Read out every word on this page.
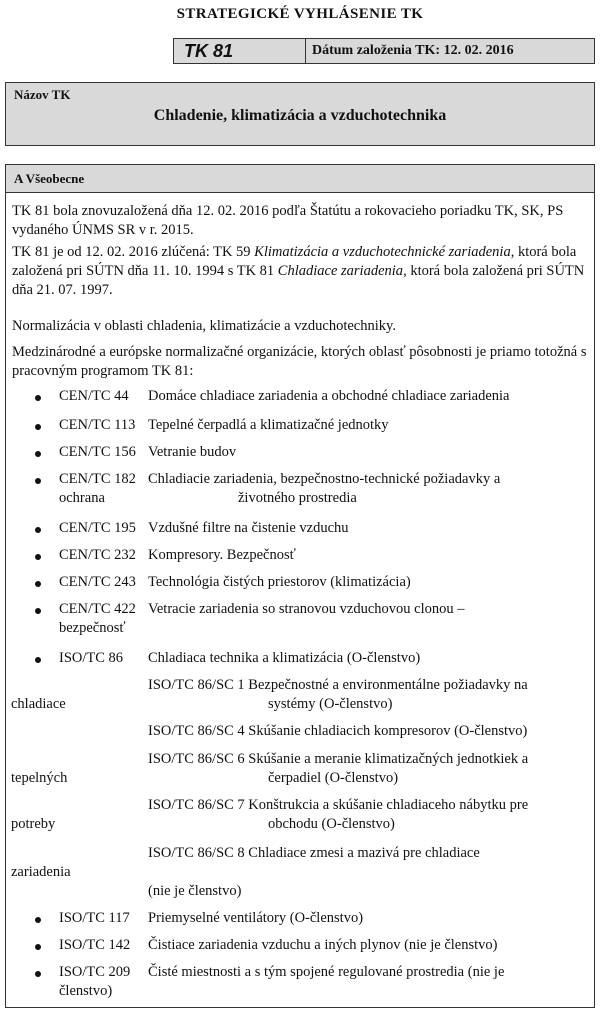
STRATEGICKÉ VYHLÁSENIE TK
TK 81	Dátum založenia TK: 12. 02. 2016
Názov TK
Chladenie, klimatizácia a vzduchotechnika
A Všeobecne
TK 81 bola znovuzaložená dňa 12. 02. 2016 podľa Štatútu a rokovacieho poriadku TK, SK, PS vydaného ÚNMS SR v r. 2015.
TK 81 je od 12. 02. 2016 zlúčená: TK 59 Klimatizácia a vzduchotechnické zariadenia, ktorá bola založená pri SÚTN dňa 11. 10. 1994 s TK 81 Chladiace zariadenia, ktorá bola založená pri SÚTN dňa 21. 07. 1997.
Normalizácia v oblasti chladenia, klimatizácie a vzduchotechniky.
Medzinárodné a európske normalizačné organizácie, ktorých oblasť pôsobnosti je priamo totožná s pracovným programom TK 81:
CEN/TC 44 Domáce chladiace zariadenia a obchodné chladiace zariadenia
CEN/TC 113 Tepelné čerpadlá a klimatizačné jednotky
CEN/TC 156 Vetranie budov
CEN/TC 182 Chladiacie zariadenia, bezpečnostno-technické požiadavky a
ochrana	životného prostredia
CEN/TC 195 Vzdušné filtre na čistenie vzduchu
CEN/TC 232 Kompresory. Bezpečnosť
CEN/TC 243 Technológia čistých priestorov (klimatizácia)
CEN/TC 422 Vetracie zariadenia so stranovou vzduchovou clonou –
bezpečnosť
ISO/TC 86 Chladiaca technika a klimatizácia (O-členstvo)
ISO/TC 86/SC 1 Bezpečnostné a environmentálne požiadavky na
chladiace	systémy (O-členstvo)
ISO/TC 86/SC 4 Skúšanie chladiacich kompresorov (O-členstvo)
ISO/TC 86/SC 6 Skúšanie a meranie klimatizačných jednotkiek a
tepelných	čerpadiel (O-členstvo)
ISO/TC 86/SC 7 Konštrukcia a skúšanie chladiaceho nábytku pre
potreby	obchodu (O-členstvo)
ISO/TC 86/SC 8 Chladiace zmesi a mazivá pre chladiace
zariadenia
(nie je členstvo)
ISO/TC 117 Priemyselné ventilátory (O-členstvo)
ISO/TC 142 Čistiace zariadenia vzduchu a iných plynov (nie je členstvo)
ISO/TC 209 Čisté miestnosti a s tým spojené regulované prostredia (nie je
členstvo)
